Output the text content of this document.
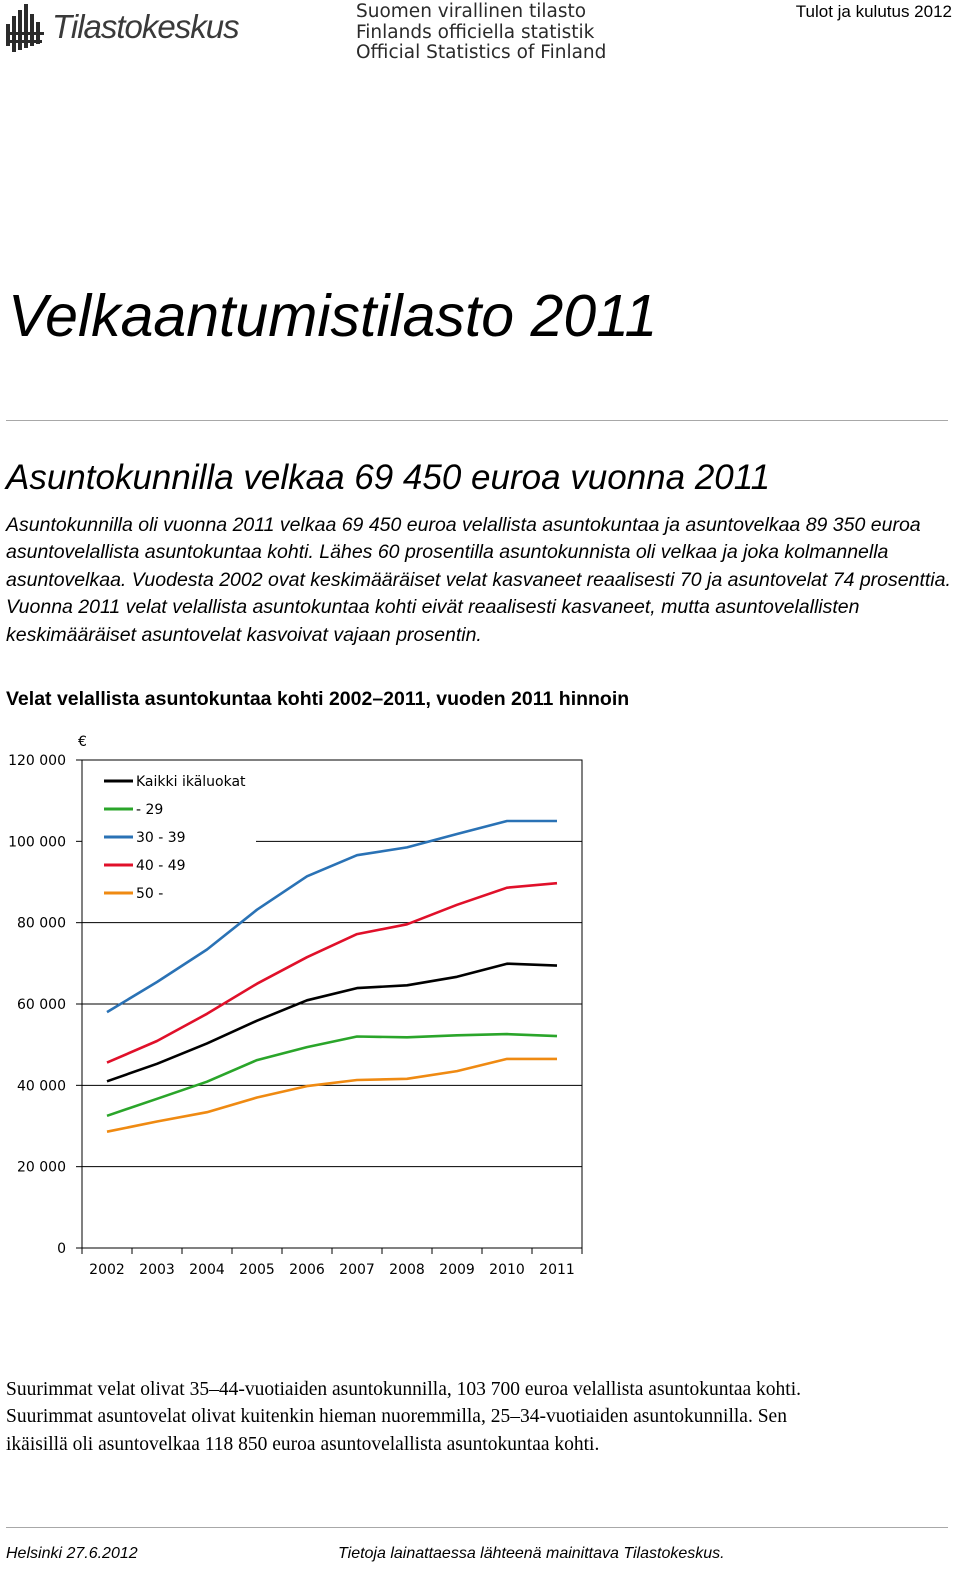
Tilastokeskus	Suomen virallinen tilasto
Finlands officiella statistik
Official Statistics of Finland
Tulot ja kulutus 2012
Velkaantumistilasto 2011
Asuntokunnilla velkaa 69 450 euroa vuonna 2011
Asuntokunnilla oli vuonna 2011 velkaa 69 450 euroa velallista asuntokuntaa ja asuntovelkaa 89 350 euroa asuntovelallista asuntokuntaa kohti. Lähes 60 prosentilla asuntokunnista oli velkaa ja joka kolmannella asuntovelkaa. Vuodesta 2002 ovat keskimääräiset velat kasvaneet reaalisesti 70 ja asuntovelat 74 prosenttia. Vuonna 2011 velat velallista asuntokuntaa kohti eivät reaalisesti kasvaneet, mutta asuntovelallisten keskimääräiset asuntovelat kasvoivat vajaan prosentin.
Velat velallista asuntokuntaa kohti 2002–2011, vuoden 2011 hinnoin
0
20 000
40 000
60 000
80 000
100 000
120 000
€
2002 2003 2004 2005 2006 2007 2008 2009 2010 2011
Kaikki ikäluokat
- 29
30 - 39
40 - 49
50 -
Suurimmat velat olivat 35–44-vuotiaiden asuntokunnilla, 103 700 euroa velallista asuntokuntaa kohti.
Suurimmat asuntovelat olivat kuitenkin hieman nuoremmilla, 25–34-vuotiaiden asuntokunnilla. Sen
ikäisillä oli asuntovelkaa 118 850 euroa asuntovelallista asuntokuntaa kohti.
Helsinki 27.6.2012	Tietoja lainattaessa lähteenä mainittava Tilastokeskus.
